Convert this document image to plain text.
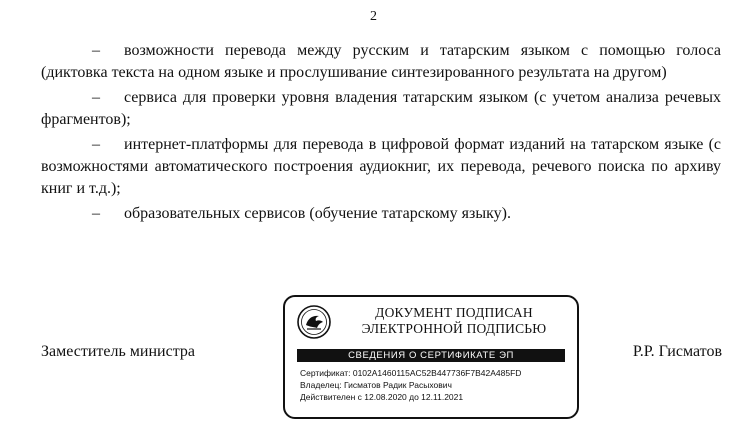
2

– возможности перевода между русским и татарским языком с помощью голоса (диктовка текста на одном языке и прослушивание синтезированного результата на другом)

– сервиса для проверки уровня владения татарским языком (с учетом анализа речевых фрагментов);

– интернет-платформы для перевода в цифровой формат изданий на татарском языке (с возможностями автоматического построения аудиокниг, их перевода, речевого поиска по архиву книг и т.д.);

– образовательных сервисов (обучение татарскому языку).

Заместитель министра
ДОКУМЕНТ ПОДПИСАН
ЭЛЕКТРОННОЙ ПОДПИСЬЮ
СВЕДЕНИЯ О СЕРТИФИКАТЕ ЭП
Сертификат: 0102A1460115AC52B447736F7B42A485FD
Владелец: Гисматов Радик Расыхович
Действителен с 12.08.2020 до 12.11.2021
Р.Р. Гисматов
